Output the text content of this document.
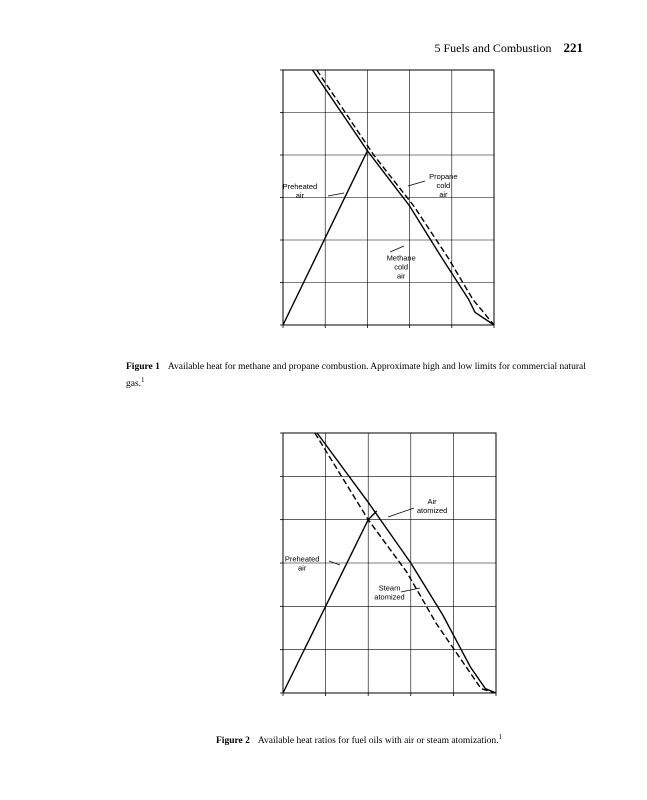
5 Fuels and Combustion 221
Preheated air
Propane cold air
Methane cold air
Preheated air
Air atomized
Steam atomized
Figure 1 Available heat for methane and propane combustion. Approximate high and low limits for commercial natural gas.$^1$
Figure 2 Available heat ratios for fuel oils with air or steam atomization.$^1$
